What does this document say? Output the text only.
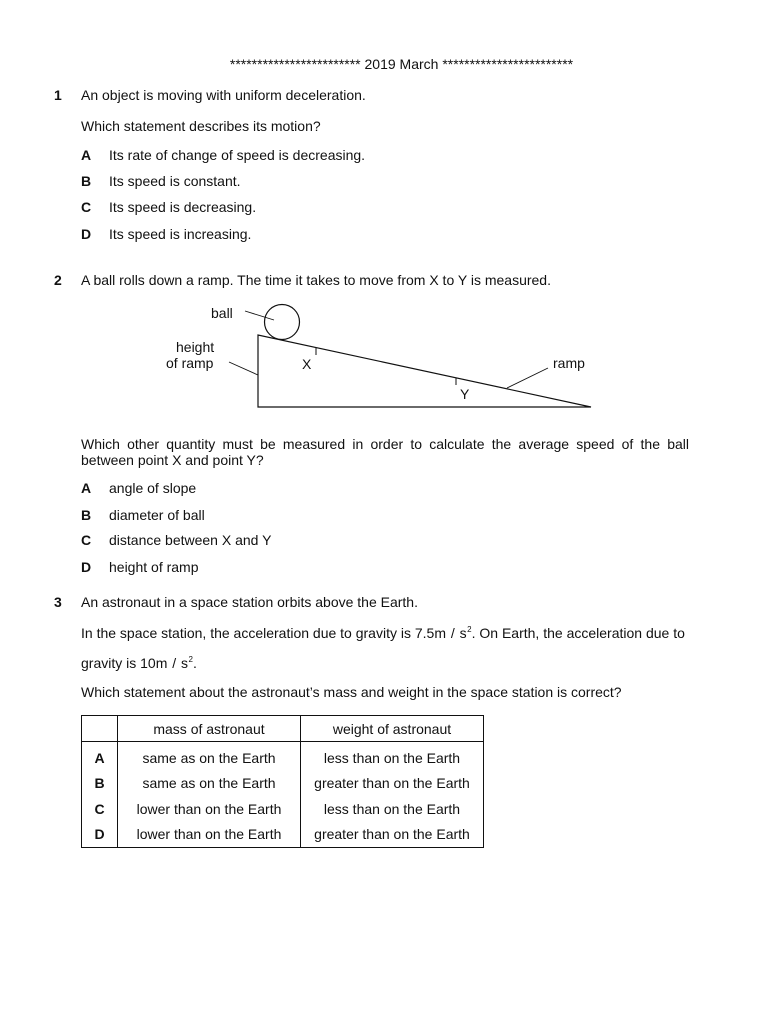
************************ 2019 March ************************
1 An object is moving with uniform deceleration.
Which statement describes its motion?
A Its rate of change of speed is decreasing.
B Its speed is constant.
C Its speed is decreasing.
D Its speed is increasing.
2 A ball rolls down a ramp. The time it takes to move from X to Y is measured.
ball
height
of ramp	X	ramp
Y
Which other quantity must be measured in order to calculate the average speed of the ball between point X and point Y?
A angle of slope
B diameter of ball
C distance between X and Y
D height of ramp
3 An astronaut in a space station orbits above the Earth.
In the space station, the acceleration due to gravity is $7.5m / s^2$. On Earth, the acceleration due to
gravity is $10m / s^2$.
Which statement about the astronaut’s mass and weight in the space station is correct?
	mass of astronaut	weight of astronaut
A	same as on the Earth	less than on the Earth
B	same as on the Earth	greater than on the Earth
C	lower than on the Earth	less than on the Earth
D	lower than on the Earth	greater than on the Earth
